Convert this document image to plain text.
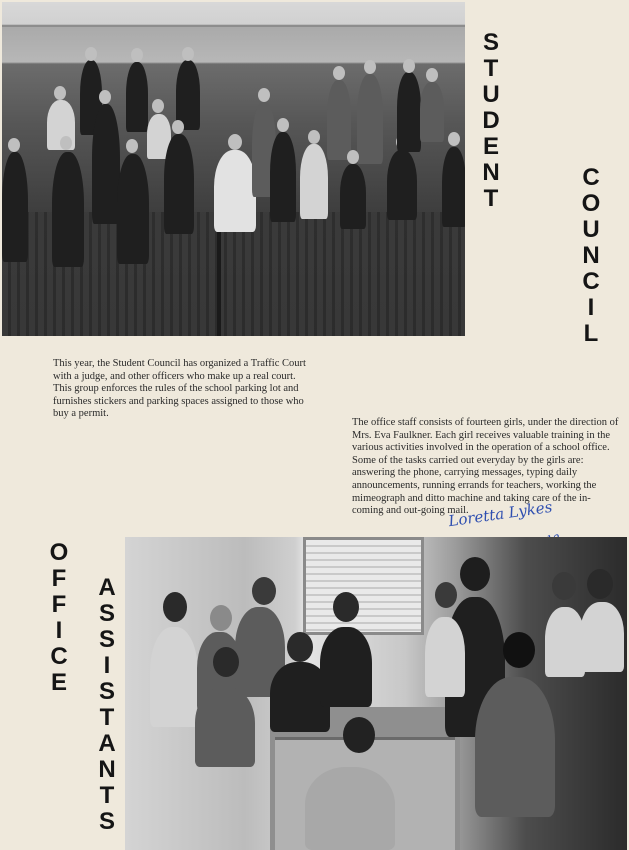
S
T
U
D
E
N
T
C
O
U
N
C
I
L
This year, the Student Council has organized a Traffic Court with a judge, and other officers who make up a real court. This group enforces the rules of the school parking lot and furnishes stickers and parking spaces assigned to those who buy a permit.
The office staff consists of fourteen girls, under the direction of Mrs. Eva Faulkner. Each girl receives valuable training in the various activities involved in the operation of a school office. Some of the tasks carried out everyday by the girls are: answering the phone, carrying messages, typing daily announcements, running errands for teachers, working the mimeograph and ditto machine and taking care of the in-coming and out-going mail.
Loretta Lykes
O
F
F
I
C
E
A
S
S
I
S
T
A
N
T
S
